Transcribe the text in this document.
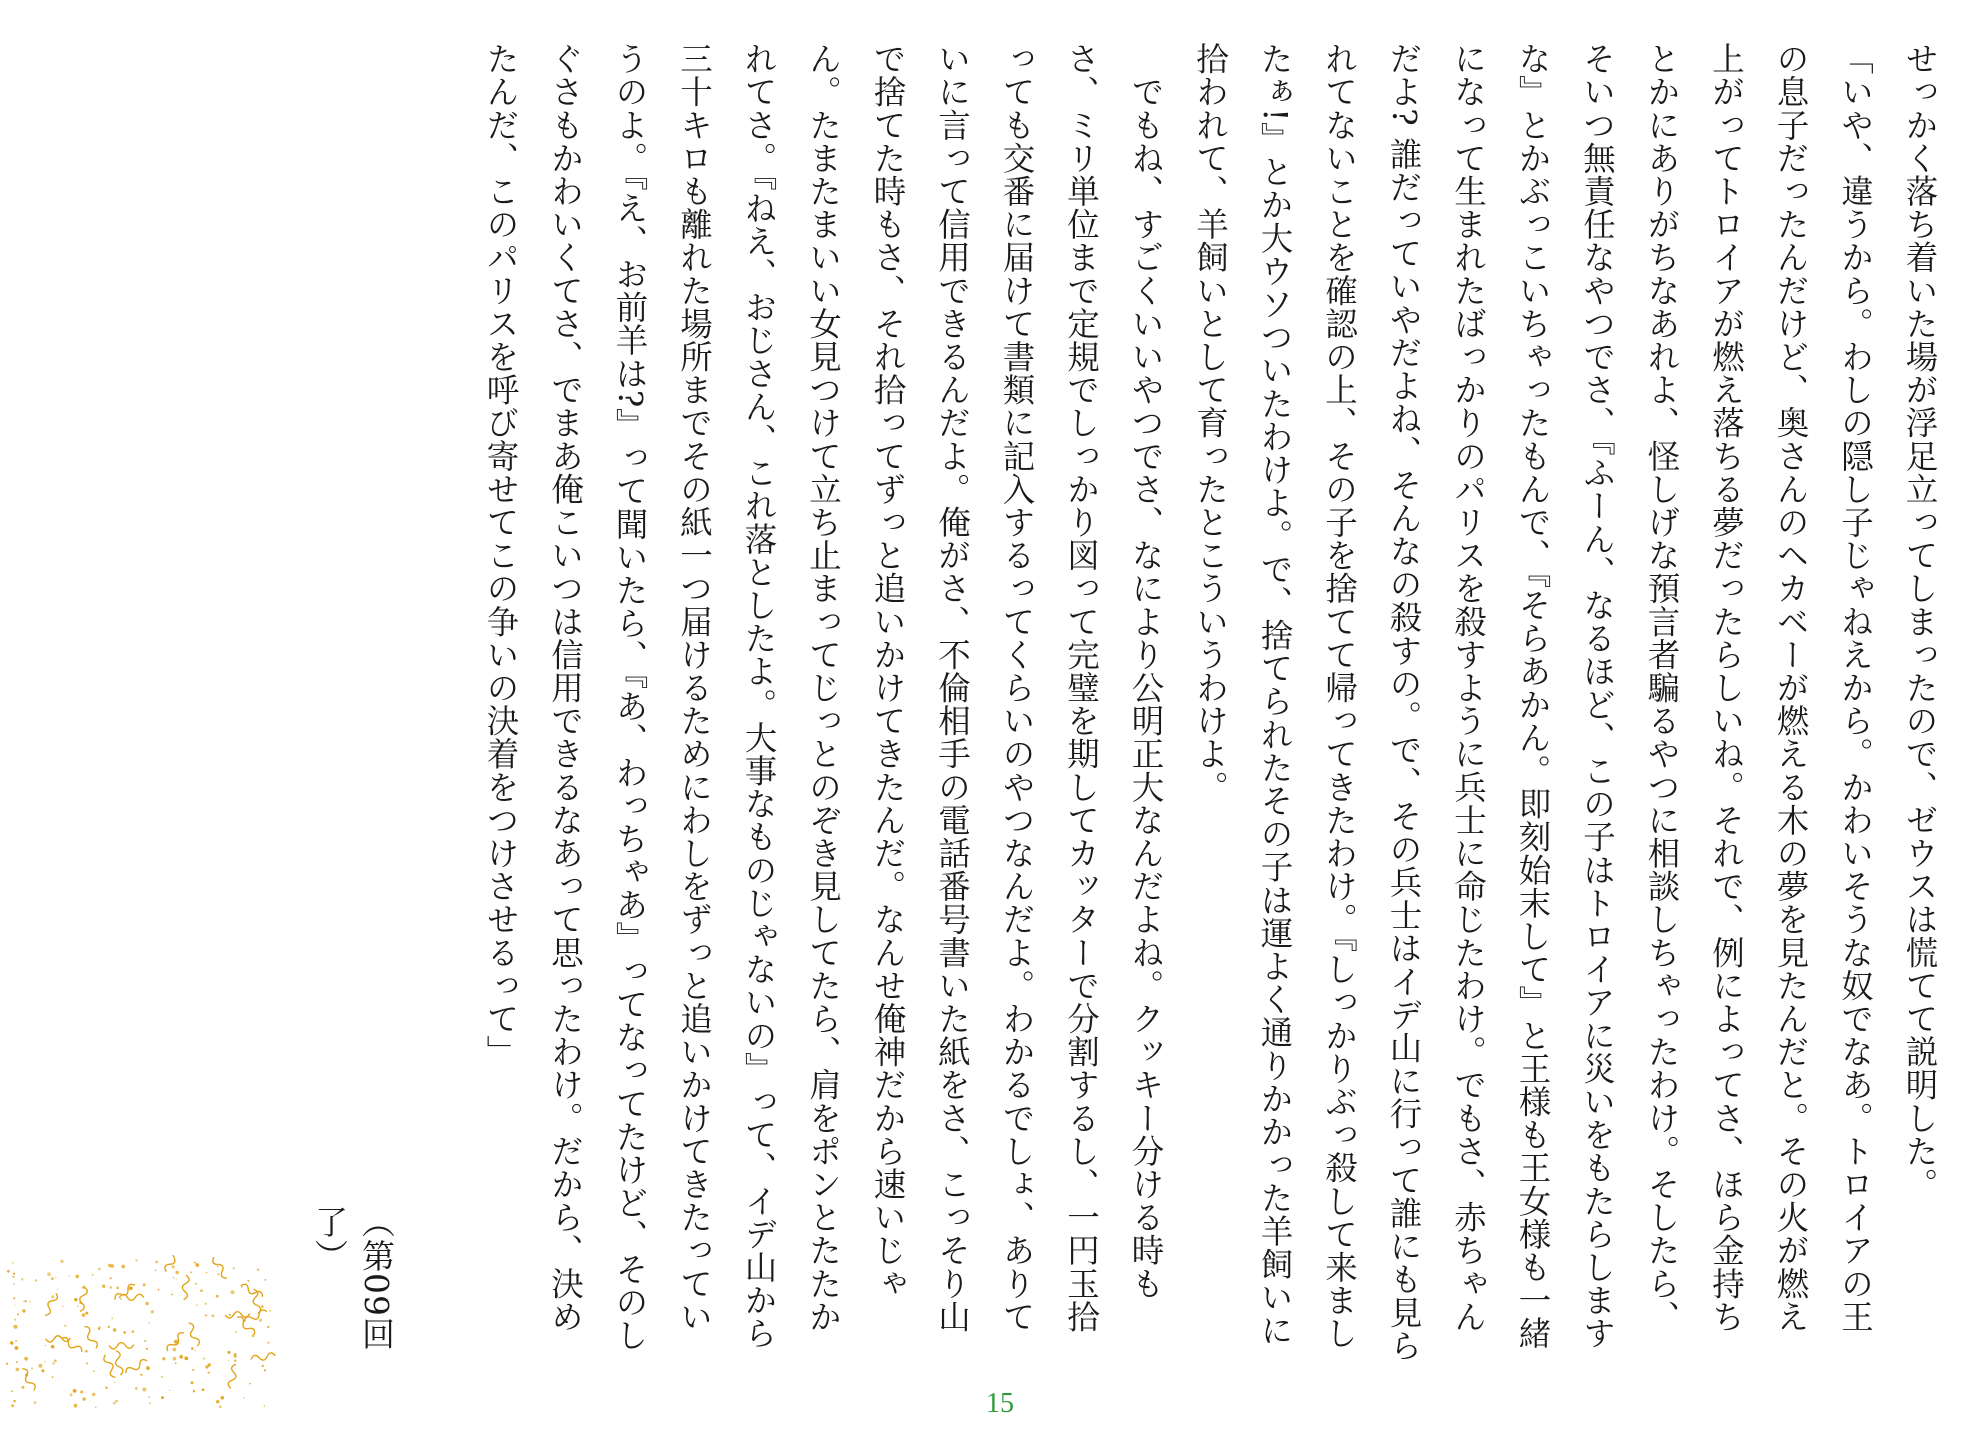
せっかく落ち着いた場が浮足立ってしまったので、ゼウスは慌てて説明した。

「いや、違うから。わしの隠し子じゃねえから。かわいそうな奴でなあ。トロイアの王の息子だったんだけど、奥さんのヘカベーが燃える木の夢を見たんだと。その火が燃え上がってトロイアが燃え落ちる夢だったらしいね。それで、例によってさ、ほら金持ちとかにありがちなあれよ、怪しげな預言者騙るやつに相談しちゃったわけ。そしたら、そいつ無責任なやつでさ、『ふーん、なるほど、この子はトロイアに災いをもたらしますな』とかぶっこいちゃったもんで、『そらあかん。即刻始末して』と王様も王女様も一緒になって生まれたばっかりのパリスを殺すように兵士に命じたわけ。でもさ、赤ちゃんだよ? 誰だっていやだよね、そんなの殺すの。で、その兵士はイデ山に行って誰にも見られてないことを確認の上、その子を捨てて帰ってきたわけ。『しっかりぶっ殺して来ましたぁ!』とか大ウソついたわけよ。で、捨てられたその子は運よく通りかかった羊飼いに拾われて、羊飼いとして育ったとこういうわけよ。

　でもね、すごくいいやつでさ、なにより公明正大なんだよね。クッキー分ける時もさ、ミリ単位まで定規でしっかり図って完璧を期してカッターで分割するし、一円玉拾っても交番に届けて書類に記入するってくらいのやつなんだよ。わかるでしょ、ありていに言って信用できるんだよ。俺がさ、不倫相手の電話番号書いた紙をさ、こっそり山で捨てた時もさ、それ拾ってずっと追いかけてきたんだ。なんせ俺神だから速いじゃん。たまたまいい女見つけて立ち止まってじっとのぞき見してたら、肩をポンとたたかれてさ。『ねえ、おじさん、これ落としたよ。大事なものじゃないの』って、イデ山から三十キロも離れた場所までその紙一つ届けるためにわしをずっと追いかけてきたっていうのよ。『え、お前羊は?』って聞いたら、『あ、わっちゃあ』ってなってたけど、そのしぐさもかわいくてさ、でまあ俺こいつは信用できるなあって思ったわけ。だから、決めたんだ、このパリスを呼び寄せてこの争いの決着をつけさせるって」

（第09回 了）
15
